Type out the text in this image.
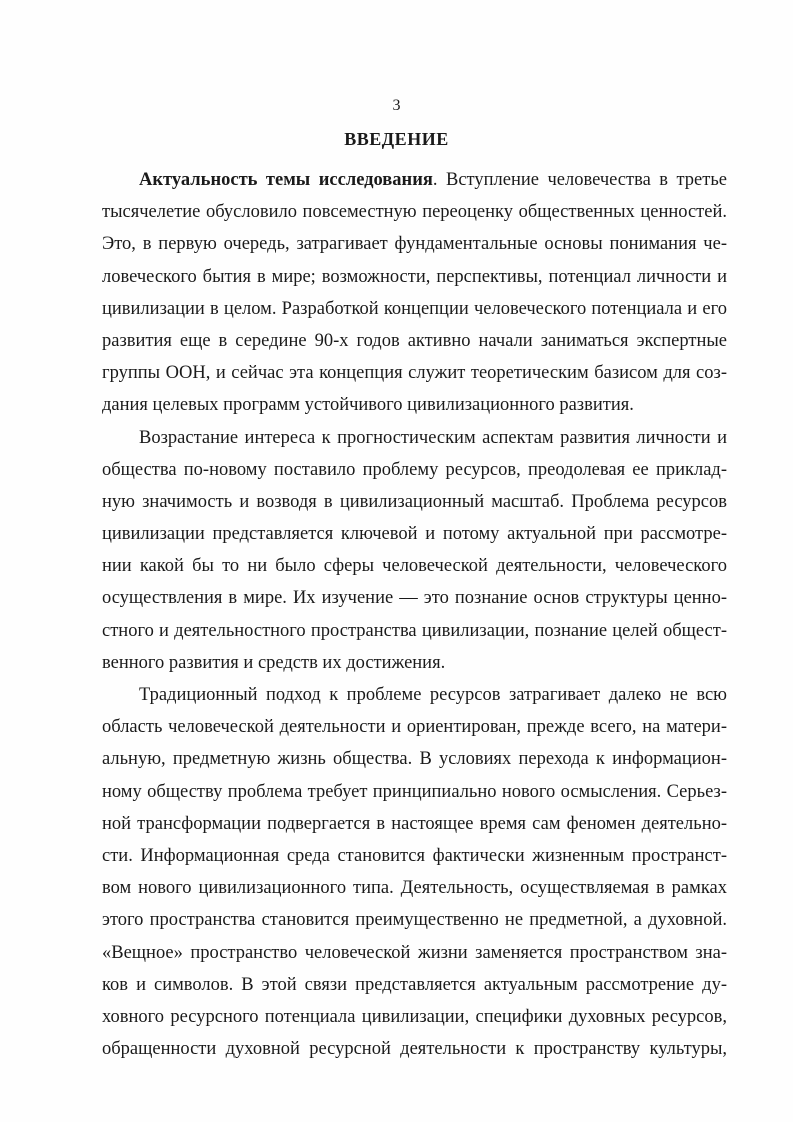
3
ВВЕДЕНИЕ
Актуальность темы исследования. Вступление человечества в третье
тысячелетие обусловило повсеместную переоценку общественных ценностей.
Это, в первую очередь, затрагивает фундаментальные основы понимания че-
ловеческого бытия в мире; возможности, перспективы, потенциал личности и
цивилизации в целом. Разработкой концепции человеческого потенциала и его
развития еще в середине 90-х годов активно начали заниматься экспертные
группы ООН, и сейчас эта концепция служит теоретическим базисом для соз-
дания целевых программ устойчивого цивилизационного развития.
Возрастание интереса к прогностическим аспектам развития личности и
общества по-новому поставило проблему ресурсов, преодолевая ее приклад-
ную значимость и возводя в цивилизационный масштаб. Проблема ресурсов
цивилизации представляется ключевой и потому актуальной при рассмотре-
нии какой бы то ни было сферы человеческой деятельности, человеческого
осуществления в мире. Их изучение — это познание основ структуры ценно-
стного и деятельностного пространства цивилизации, познание целей общест-
венного развития и средств их достижения.
Традиционный подход к проблеме ресурсов затрагивает далеко не всю
область человеческой деятельности и ориентирован, прежде всего, на матери-
альную, предметную жизнь общества. В условиях перехода к информацион-
ному обществу проблема требует принципиально нового осмысления. Серьез-
ной трансформации подвергается в настоящее время сам феномен деятельно-
сти. Информационная среда становится фактически жизненным пространст-
вом нового цивилизационного типа. Деятельность, осуществляемая в рамках
этого пространства становится преимущественно не предметной, а духовной.
«Вещное» пространство человеческой жизни заменяется пространством зна-
ков и символов. В этой связи представляется актуальным рассмотрение ду-
ховного ресурсного потенциала цивилизации, специфики духовных ресурсов,
обращенности духовной ресурсной деятельности к пространству культуры,
